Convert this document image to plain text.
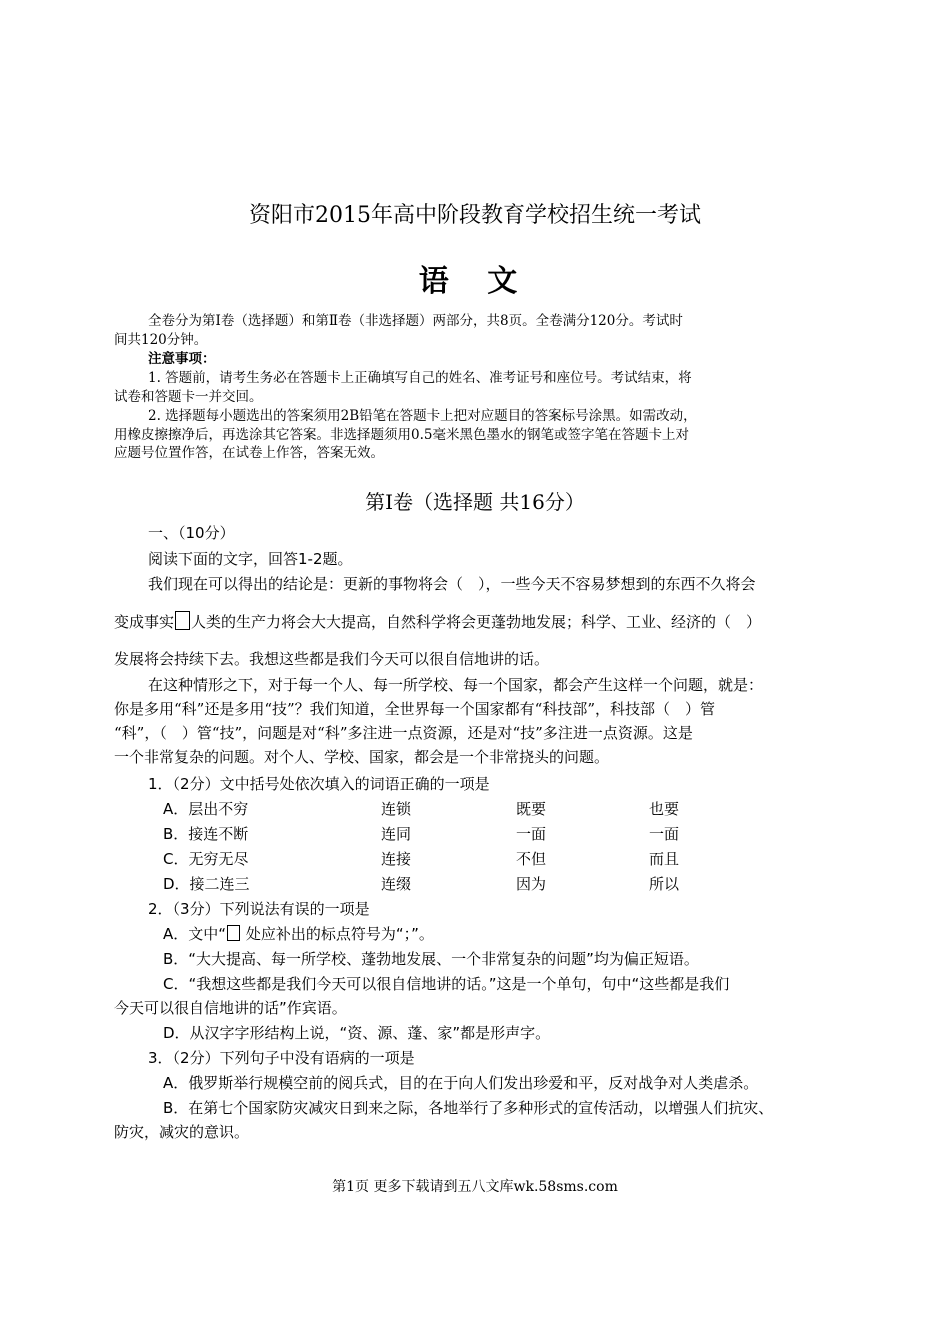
资阳市2015年高中阶段教育学校招生统一考试
语 文
全卷分为第Ⅰ卷（选择题）和第Ⅱ卷（非选择题）两部分，共8页。全卷满分120分。考试时
间共120分钟。
注意事项：
1. 答题前，请考生务必在答题卡上正确填写自己的姓名、准考证号和座位号。考试结束，将
试卷和答题卡一并交回。
2. 选择题每小题选出的答案须用2B铅笔在答题卡上把对应题目的答案标号涂黑。如需改动，
用橡皮擦擦净后，再选涂其它答案。非选择题须用0.5毫米黑色墨水的钢笔或签字笔在答题卡上对
应题号位置作答，在试卷上作答，答案无效。
第Ⅰ卷（选择题 共16分）
一、（10分）
阅读下面的文字，回答1-2题。
我们现在可以得出的结论是：更新的事物将会（　），一些今天不容易梦想到的东西不久将会
变成事实 人类的生产力将会大大提高，自然科学将会更蓬勃地发展；科学、工业、经济的（　）
发展将会持续下去。我想这些都是我们今天可以很自信地讲的话。
在这种情形之下，对于每一个人、每一所学校、每一个国家，都会产生这样一个问题，就是：
你是多用“科”还是多用“技”？我们知道，全世界每一个国家都有“科技部”，科技部（　）管
“科”，（　）管“技”，问题是对“科”多注进一点资源，还是对“技”多注进一点资源。这是
一个非常复杂的问题。对个人、学校、国家，都会是一个非常挠头的问题。
1．（2分）文中括号处依次填入的词语正确的一项是
A．层出不穷	连锁	既要	也要
B．接连不断	连同	一面	一面
C．无穷无尽	连接	不但	而且
D．接二连三	连缀	因为	所以
2．（3分）下列说法有误的一项是
A．文中“ 处应补出的标点符号为“；”。
B．“大大提高、每一所学校、蓬勃地发展、一个非常复杂的问题”均为偏正短语。
C．“我想这些都是我们今天可以很自信地讲的话。”这是一个单句，句中“这些都是我们
今天可以很自信地讲的话”作宾语。
D．从汉字字形结构上说，“资、源、蓬、家”都是形声字。
3．（2分）下列句子中没有语病的一项是
A．俄罗斯举行规模空前的阅兵式，目的在于向人们发出珍爱和平，反对战争对人类虐杀。
B．在第七个国家防灾减灾日到来之际，各地举行了多种形式的宣传活动，以增强人们抗灾、
防灾，减灾的意识。
第1页 更多下载请到五八文库wk.58sms.com
